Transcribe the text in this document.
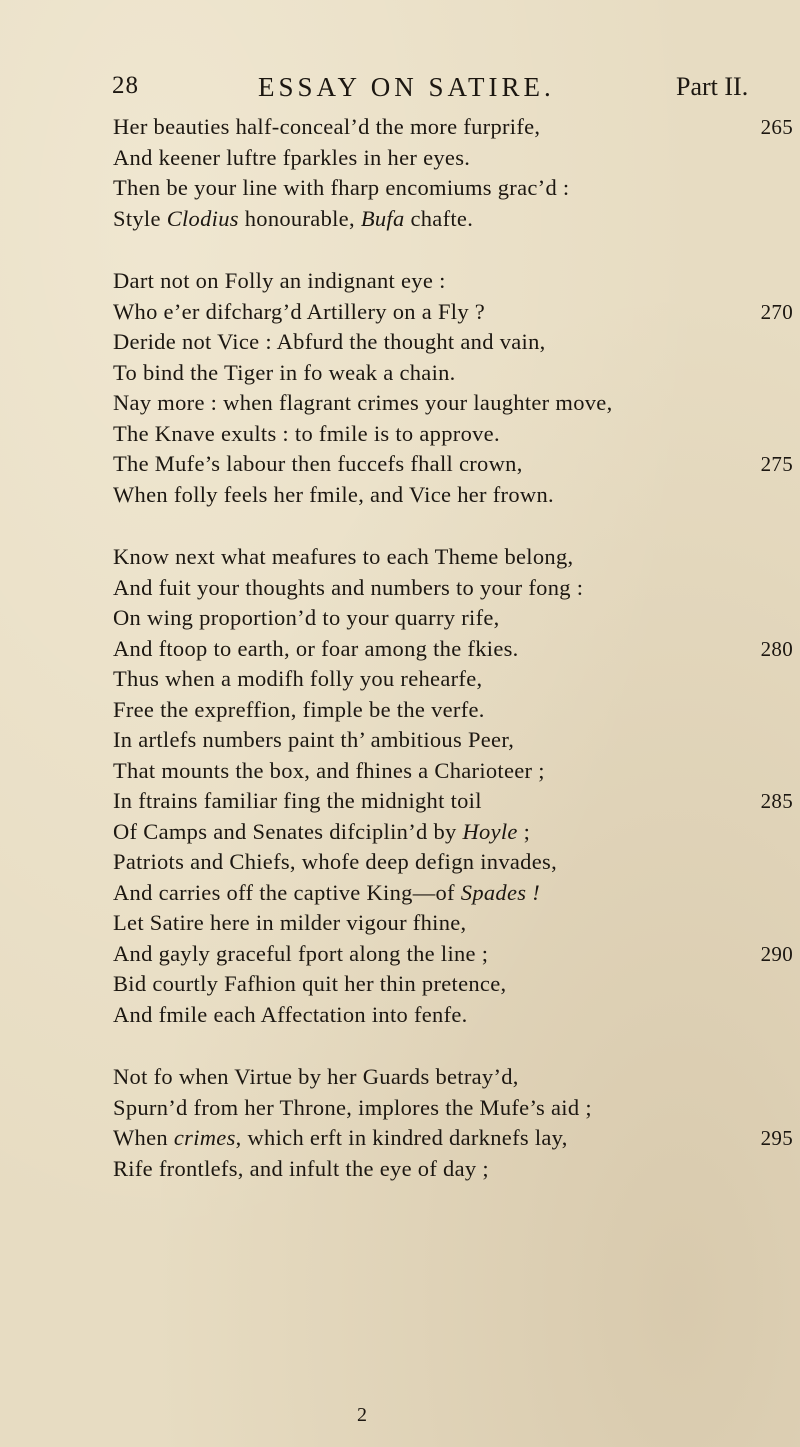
28	ESSAY ON SATIRE.	Part II.
Her beauties half-conceal’d the more furprife,	265
And keener luftre fparkles in her eyes.
Then be your line with fharp encomiums grac’d :
Style Clodius honourable, Bufa chafte.
Dart not on Folly an indignant eye :
Who e’er difcharg’d Artillery on a Fly ?	270
Deride not Vice : Abfurd the thought and vain,
To bind the Tiger in fo weak a chain.
Nay more : when flagrant crimes your laughter move,
The Knave exults : to fmile is to approve.
The Mufe’s labour then fuccefs fhall crown,	275
When folly feels her fmile, and Vice her frown.
Know next what meafures to each Theme belong,
And fuit your thoughts and numbers to your fong :
On wing proportion’d to your quarry rife,
And ftoop to earth, or foar among the fkies.	280
Thus when a modifh folly you rehearfe,
Free the expreffion, fimple be the verfe.
In artlefs numbers paint th’ ambitious Peer,
That mounts the box, and fhines a Charioteer ;
In ftrains familiar fing the midnight toil	285
Of Camps and Senates difciplin’d by Hoyle ;
Patriots and Chiefs, whofe deep defign invades,
And carries off the captive King—of Spades !
Let Satire here in milder vigour fhine,
And gayly graceful fport along the line ;	290
Bid courtly Fafhion quit her thin pretence,
And fmile each Affectation into fenfe.
Not fo when Virtue by her Guards betray’d,
Spurn’d from her Throne, implores the Mufe’s aid ;
When crimes, which erft in kindred darknefs lay,	295
Rife frontlefs, and infult the eye of day ;
2
